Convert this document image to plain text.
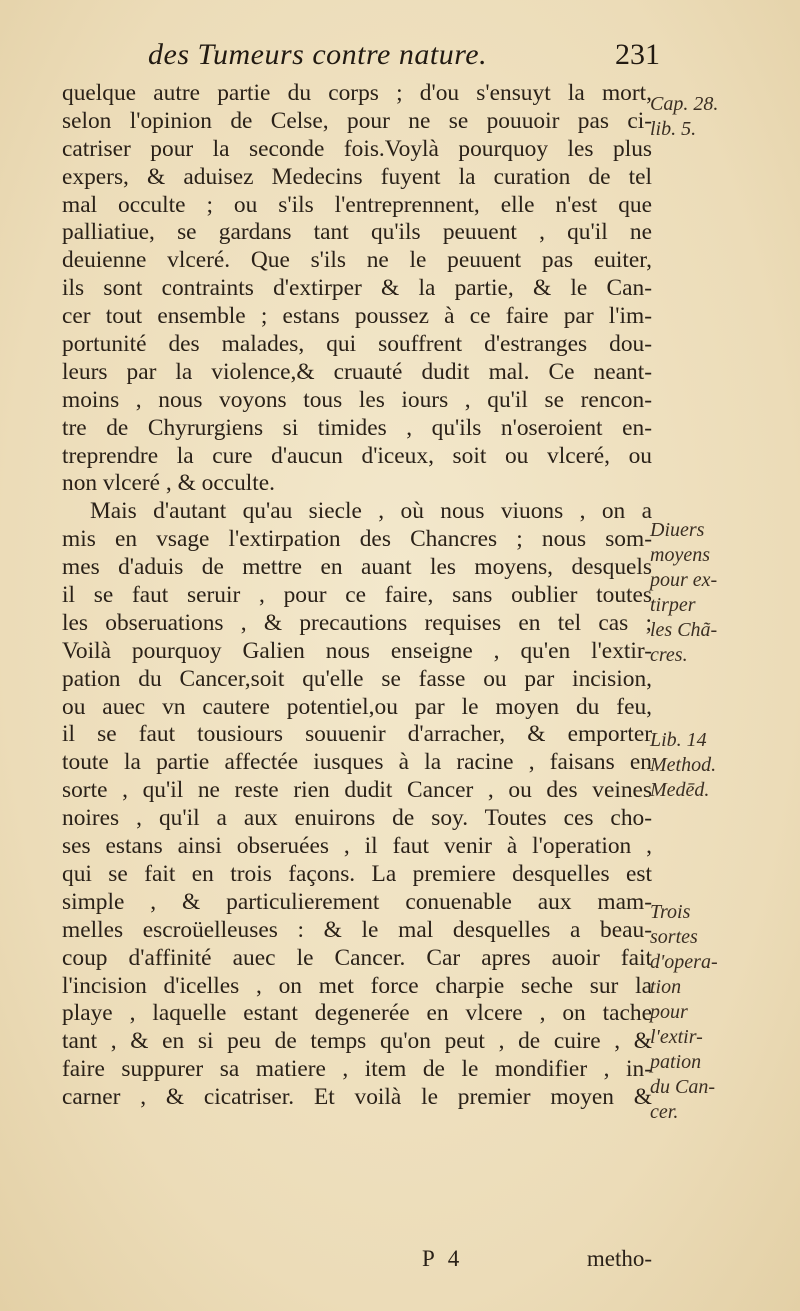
des Tumeurs contre nature.	231
quelque autre partie du corps ; d'ou s'ensuyt la mort,
selon l'opinion de Celse, pour ne se pouuoir pas ci-
catriser pour la seconde fois.Voylà pourquoy les plus
expers, & aduisez Medecins fuyent la curation de tel
mal occulte ; ou s'ils l'entreprennent, elle n'est que
palliatiue, se gardans tant qu'ils peuuent , qu'il ne
deuienne vlceré. Que s'ils ne le peuuent pas euiter,
ils sont contraints d'extirper & la partie, & le Can-
cer tout ensemble ; estans poussez à ce faire par l'im-
portunité des malades, qui souffrent d'estranges dou-
leurs par la violence,& cruauté dudit mal. Ce neant-
moins , nous voyons tous les iours , qu'il se rencon-
tre de Chyrurgiens si timides , qu'ils n'oseroient en-
treprendre la cure d'aucun d'iceux, soit ou vlceré, ou
non vlceré , & occulte.
Mais d'autant qu'au siecle , où nous viuons , on a
mis en vsage l'extirpation des Chancres ; nous som-
mes d'aduis de mettre en auant les moyens, desquels
il se faut seruir , pour ce faire, sans oublier toutes
les obseruations , & precautions requises en tel cas ;
Voilà pourquoy Galien nous enseigne , qu'en l'extir-
pation du Cancer,soit qu'elle se fasse ou par incision,
ou auec vn cautere potentiel,ou par le moyen du feu,
il se faut tousiours souuenir d'arracher, & emporter
toute la partie affectée iusques à la racine , faisans en
sorte , qu'il ne reste rien dudit Cancer , ou des veines
noires , qu'il a aux enuirons de soy. Toutes ces cho-
ses estans ainsi obseruées , il faut venir à l'operation ,
qui se fait en trois façons. La premiere desquelles est
simple , & particulierement conuenable aux mam-
melles escroüelleuses : & le mal desquelles a beau-
coup d'affinité auec le Cancer. Car apres auoir fait
l'incision d'icelles , on met force charpie seche sur la
playe , laquelle estant degenerée en vlcere , on tache
tant , & en si peu de temps qu'on peut , de cuire , &
faire suppurer sa matiere , item de le mondifier , in-
carner , & cicatriser. Et voilà le premier moyen &
Cap. 28.
lib. 5.
Diuers
moyens
pour ex-
tirper
les Chã-
cres.
Lib. 14
Method.
Medēd.
Trois
sortes
d'opera-
tion
pour
l'extir-
pation
du Can-
cer.
P 4	metho-
